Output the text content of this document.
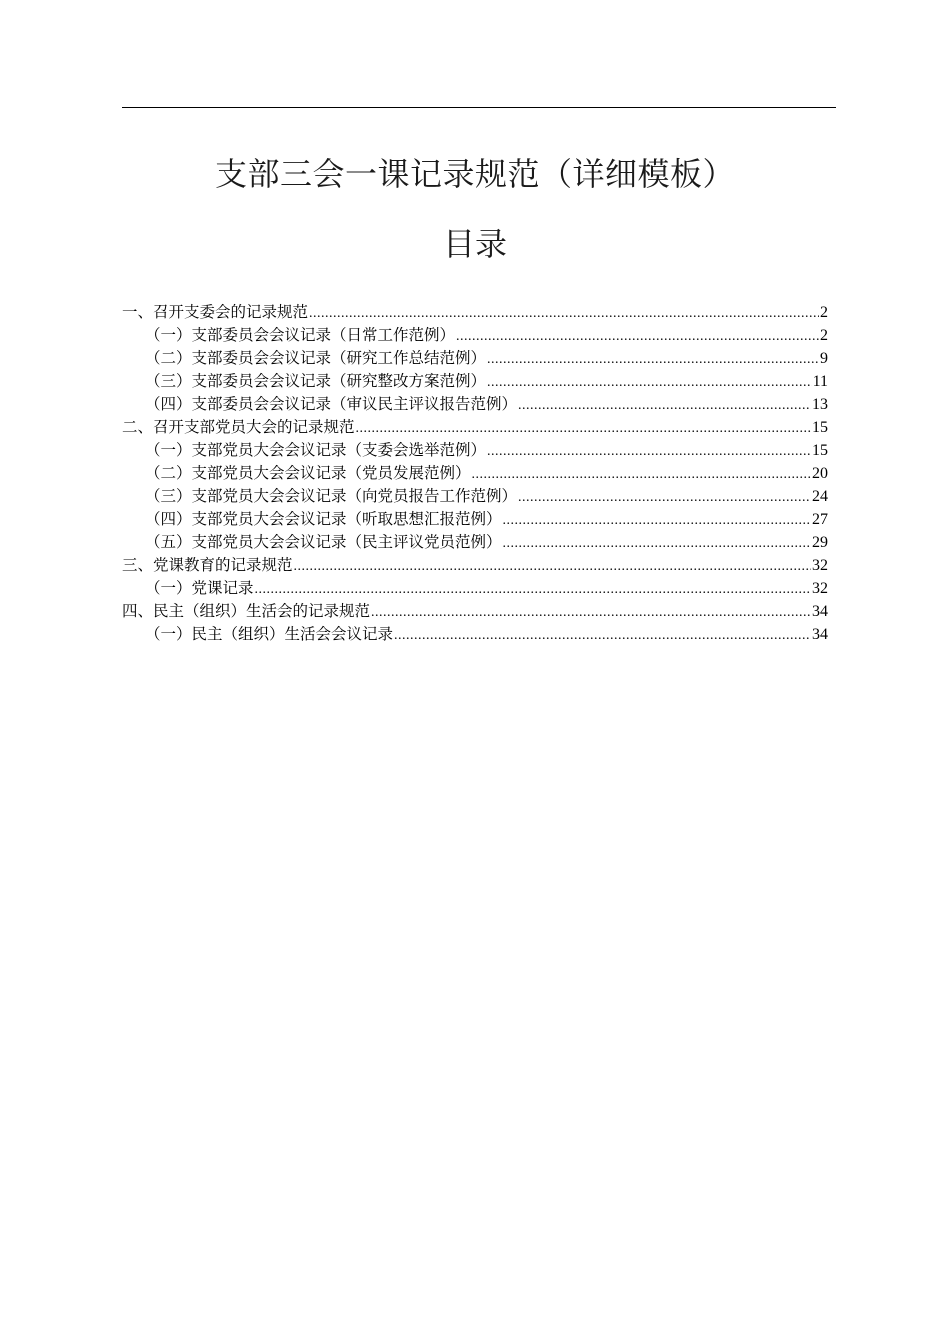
支部三会一课记录规范（详细模板）
目录
一、召开支委会的记录规范 .....	2
（一）支部委员会会议记录（日常工作范例） .....	2
（二）支部委员会会议记录（研究工作总结范例） .....	9
（三）支部委员会会议记录（研究整改方案范例） .....	11
（四）支部委员会会议记录（审议民主评议报告范例） .....	13
二、召开支部党员大会的记录规范 .....	15
（一）支部党员大会会议记录（支委会选举范例） .....	15
（二）支部党员大会会议记录（党员发展范例） .....	20
（三）支部党员大会会议记录（向党员报告工作范例） .....	24
（四）支部党员大会会议记录（听取思想汇报范例） .....	27
（五）支部党员大会会议记录（民主评议党员范例） .....	29
三、党课教育的记录规范 .....	32
（一）党课记录 .....	32
四、民主（组织）生活会的记录规范 .....	34
（一）民主（组织）生活会会议记录 .....	34
